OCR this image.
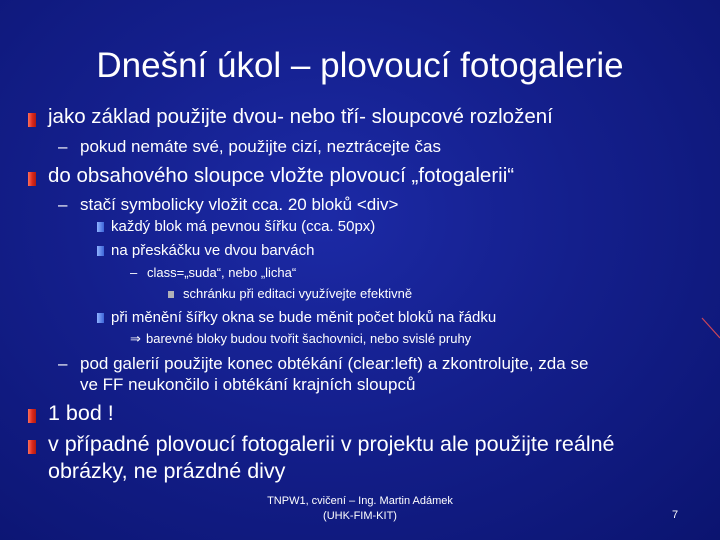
Dnešní úkol – plovoucí fotogalerie
jako základ použijte dvou- nebo tří- sloupcové rozložení
– pokud nemáte své, použijte cizí, neztrácejte čas
do obsahového sloupce vložte plovoucí „fotogalerii“
– stačí symbolicky vložit cca. 20 bloků <div>
každý blok má pevnou šířku (cca. 50px)
na přeskáčku ve dvou barvách
– class=„suda“, nebo „licha“
schránku při editaci využívejte efektivně
při měnění šířky okna se bude měnit počet bloků na řádku
⇒ barevné bloky budou tvořit šachovnici, nebo svislé pruhy
– pod galerií použijte konec obtékání (clear:left) a zkontrolujte, zda se
ve FF neukončilo i obtékání krajních sloupců
1 bod !
v případné plovoucí fotogalerii v projektu ale použijte reálné
obrázky, ne prázdné divy
TNPW1, cvičení – Ing. Martin Adámek
(UHK-FIM-KIT)	7
